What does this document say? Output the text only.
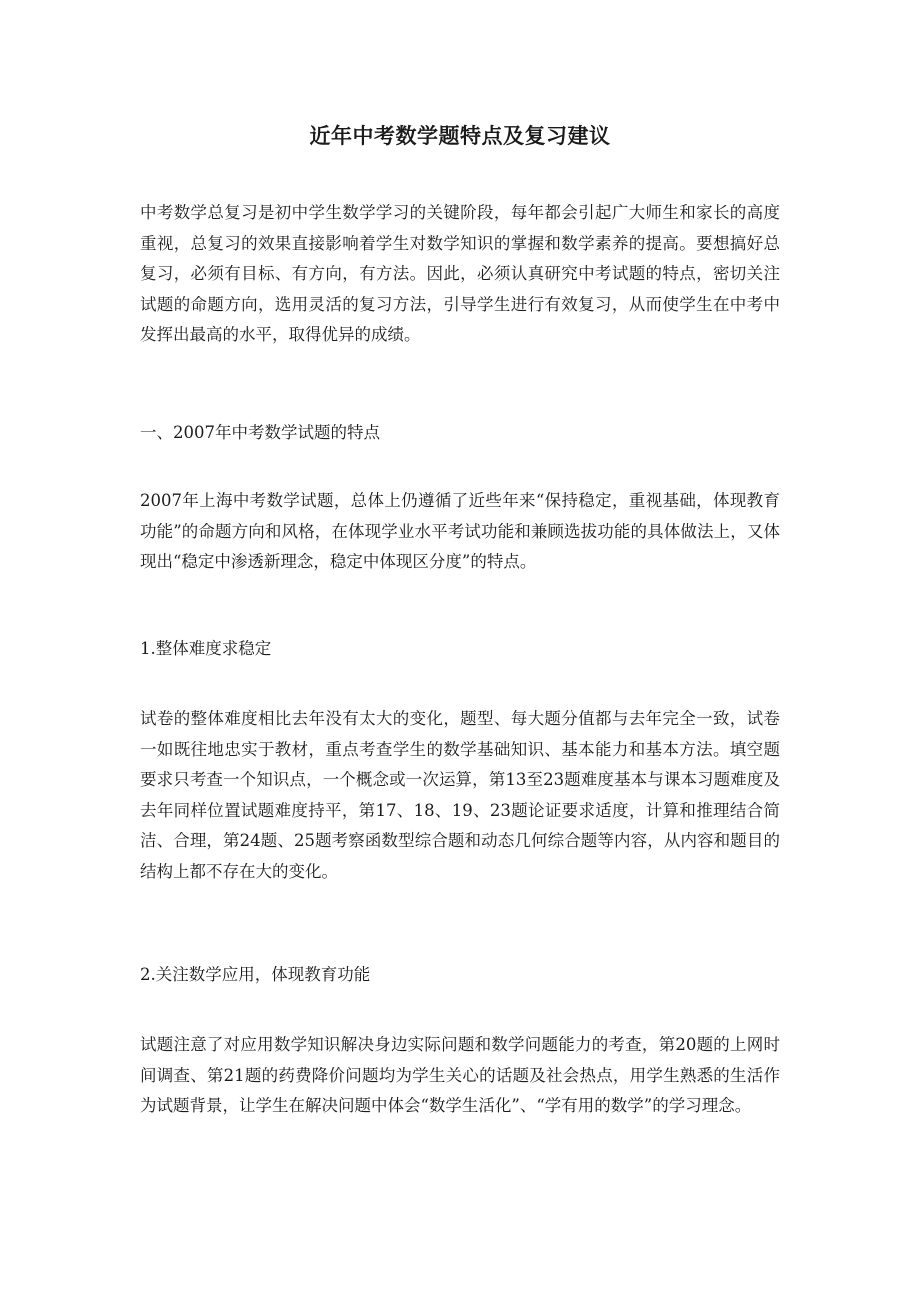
近年中考数学题特点及复习建议

中考数学总复习是初中学生数学学习的关键阶段，每年都会引起广大师生和家长的高度重视，总复习的效果直接影响着学生对数学知识的掌握和数学素养的提高。要想搞好总复习，必须有目标、有方向，有方法。因此，必须认真研究中考试题的特点，密切关注试题的命题方向，选用灵活的复习方法，引导学生进行有效复习，从而使学生在中考中发挥出最高的水平，取得优异的成绩。

一、2007年中考数学试题的特点

2007年上海中考数学试题，总体上仍遵循了近些年来“保持稳定，重视基础，体现教育功能”的命题方向和风格，在体现学业水平考试功能和兼顾选拔功能的具体做法上，又体现出“稳定中渗透新理念，稳定中体现区分度”的特点。

1.整体难度求稳定

试卷的整体难度相比去年没有太大的变化，题型、每大题分值都与去年完全一致，试卷一如既往地忠实于教材，重点考查学生的数学基础知识、基本能力和基本方法。填空题要求只考查一个知识点，一个概念或一次运算，第13至23题难度基本与课本习题难度及去年同样位置试题难度持平，第17、18、19、23题论证要求适度，计算和推理结合简洁、合理，第24题、25题考察函数型综合题和动态几何综合题等内容，从内容和题目的结构上都不存在大的变化。

2.关注数学应用，体现教育功能

试题注意了对应用数学知识解决身边实际问题和数学问题能力的考查，第20题的上网时间调查、第21题的药费降价问题均为学生关心的话题及社会热点，用学生熟悉的生活作为试题背景，让学生在解决问题中体会“数学生活化”、“学有用的数学”的学习理念。
